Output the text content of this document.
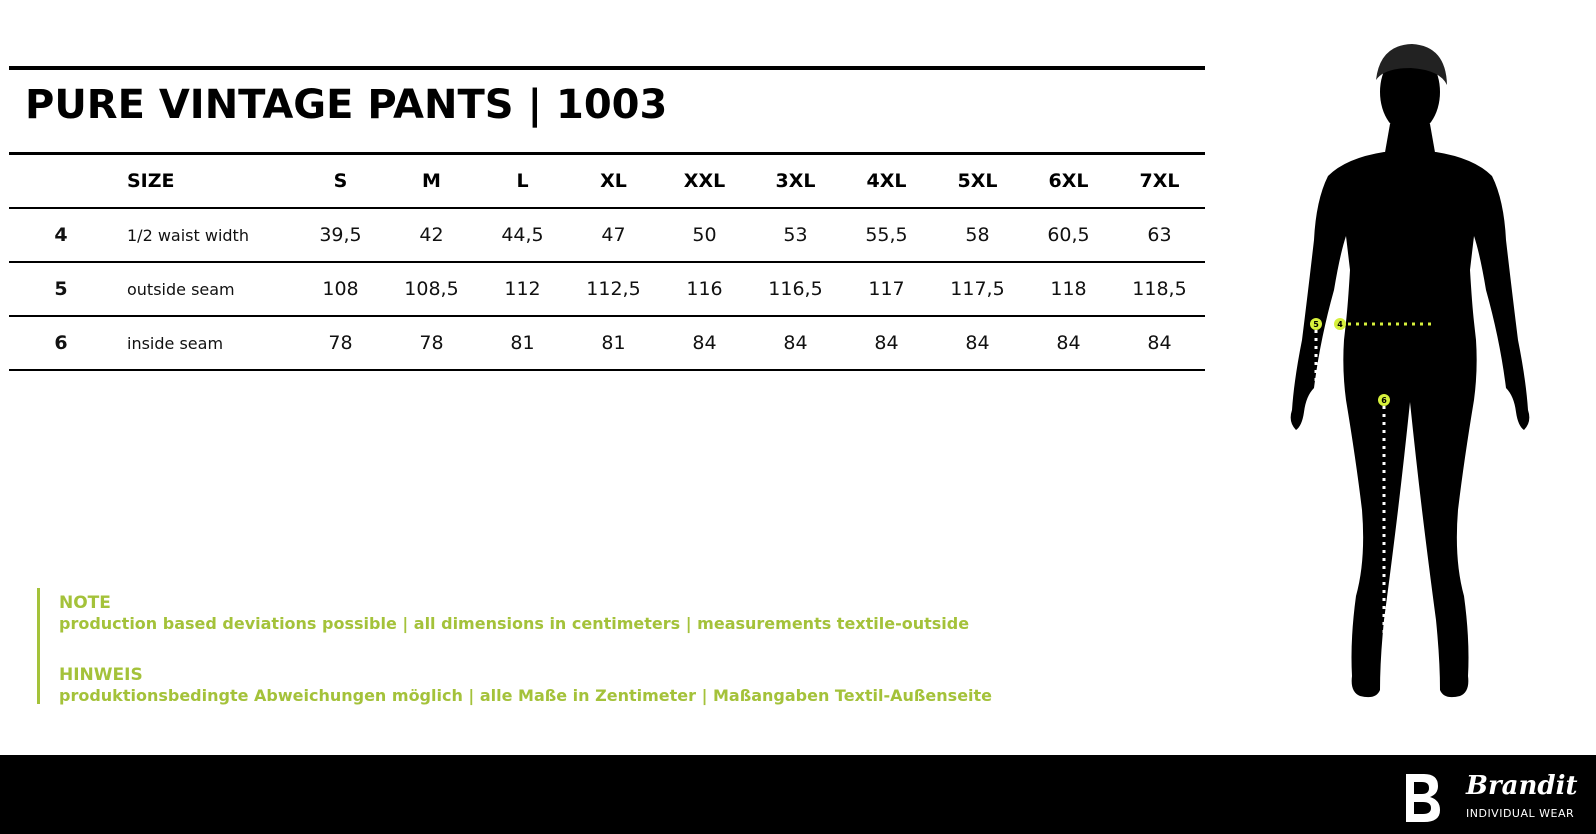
PURE VINTAGE PANTS | 1003
	SIZE	S	M	L	XL	XXL	3XL	4XL	5XL	6XL	7XL
4	1/2 waist width	39,5	42	44,5	47	50	53	55,5	58	60,5	63
5	outside seam	108	108,5	112	112,5	116	116,5	117	117,5	118	118,5
6	inside seam	78	78	81	81	84	84	84	84	84	84
NOTE
production based deviations possible | all dimensions in centimeters | measurements textile-outside
HINWEIS
produktionsbedingte Abweichungen möglich | alle Maße in Zentimeter | Maßangaben Textil-Außenseite
5 4
6
Brandit
INDIVIDUAL WEAR
